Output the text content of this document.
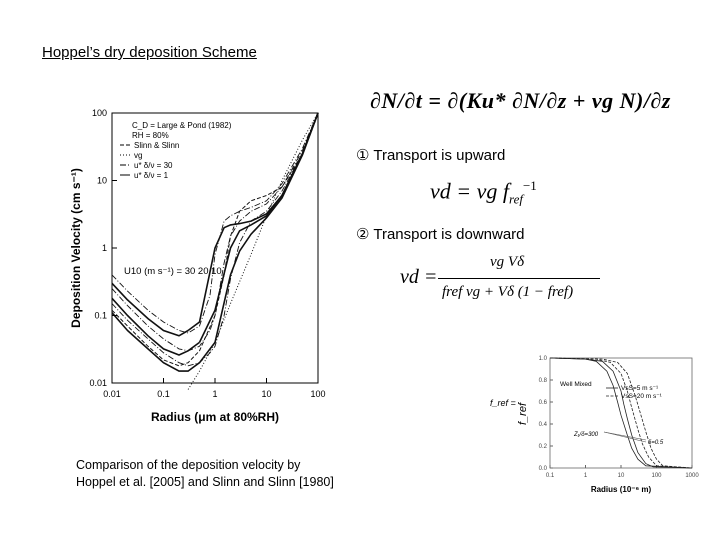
Hoppel’s dry deposition Scheme
∂N/∂t = ∂(Ku* ∂N/∂z + vg N)/∂z
① Transport is upward
vd = vg $f_{ref}^{-1}$
② Transport is downward
vd =
vg Vδ
fref vg + Vδ (1 − fref)
0.01	0.1	1	10	100
0.01
0.1
1
10
100
C_D = Large & Pond (1982)
RH = 80%
Slinn & Slinn
vg
u* δ/ν = 30
u* δ/ν = 1
U10 (m s⁻¹) = 30 20 10
Radius (μm at 80%RH)
Deposition Velocity (cm s⁻¹)
0.1	1	10	100	1000
0.0
0.2
0.4
0.6
0.8
1.0
VsS=5 m s⁻¹
VsS=20 m s⁻¹
Well Mixed
Z₁/δ=300
δ=0.5
Radius (10⁻⁶ m)
f_ref
f_ref =
Comparison of the deposition velocity by
Hoppel et al. [2005] and Slinn and Slinn [1980]
